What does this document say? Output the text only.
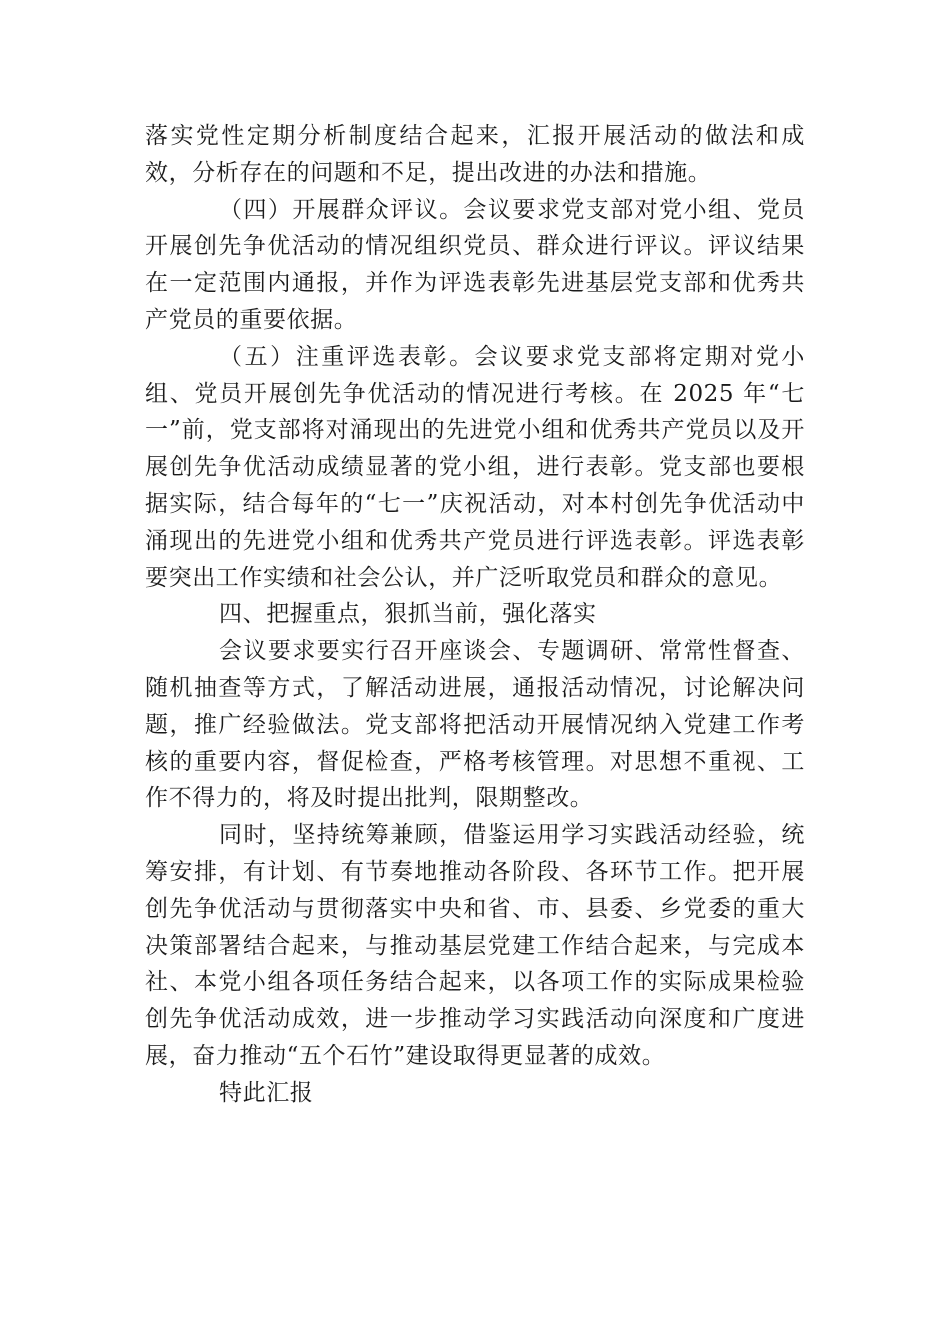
落实党性定期分析制度结合起来，汇报开展活动的做法和成效，分析存在的问题和不足，提出改进的办法和措施。

（四）开展群众评议。会议要求党支部对党小组、党员开展创先争优活动的情况组织党员、群众进行评议。评议结果在一定范围内通报，并作为评选表彰先进基层党支部和优秀共产党员的重要依据。

（五）注重评选表彰。会议要求党支部将定期对党小组、党员开展创先争优活动的情况进行考核。在 2025 年“七一”前，党支部将对涌现出的先进党小组和优秀共产党员以及开展创先争优活动成绩显著的党小组，进行表彰。党支部也要根据实际，结合每年的“七一”庆祝活动，对本村创先争优活动中涌现出的先进党小组和优秀共产党员进行评选表彰。评选表彰要突出工作实绩和社会公认，并广泛听取党员和群众的意见。

四、把握重点，狠抓当前，强化落实

会议要求要实行召开座谈会、专题调研、常常性督查、随机抽查等方式，了解活动进展，通报活动情况，讨论解决问题，推广经验做法。党支部将把活动开展情况纳入党建工作考核的重要内容，督促检查，严格考核管理。对思想不重视、工作不得力的，将及时提出批判，限期整改。

同时，坚持统筹兼顾，借鉴运用学习实践活动经验，统筹安排，有计划、有节奏地推动各阶段、各环节工作。把开展创先争优活动与贯彻落实中央和省、市、县委、乡党委的重大决策部署结合起来，与推动基层党建工作结合起来，与完成本社、本党小组各项任务结合起来，以各项工作的实际成果检验创先争优活动成效，进一步推动学习实践活动向深度和广度进展，奋力推动“五个石竹”建设取得更显著的成效。

特此汇报
